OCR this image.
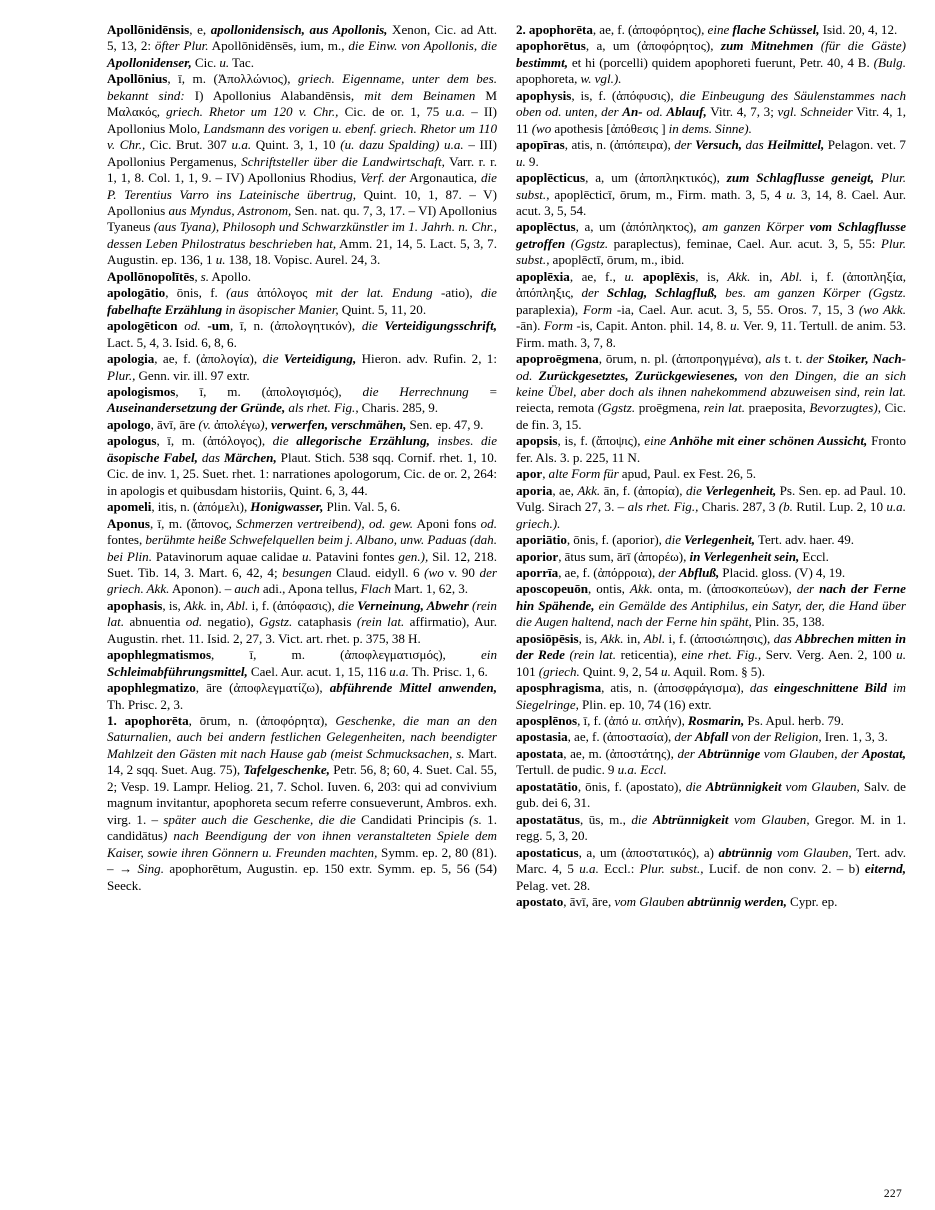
Apollōnidēnsis, e, apollonidensisch, aus Apollonis, Xenon, Cic. ad Att. 5, 13, 2: öfter Plur. Apollōnidēnsēs, ium, m., die Einw. von Apollonis, die Apollonidenser, Cic. u. Tac.

Apollōnius, ī, m. (Ἀπολλώνιος), griech. Eigenname, unter dem bes. bekannt sind: I) Apollonius Alabandēnsis, mit dem Beinamen M Μαλακός, griech. Rhetor um 120 v. Chr., Cic. de or. 1, 75 u.a. – II) Apollonius Molo, Landsmann des vorigen u. ebenf. griech. Rhetor um 110 v. Chr., Cic. Brut. 307 u.a. Quint. 3, 1, 10 (u. dazu Spalding) u.a. – III) Apollonius Pergamenus, Schriftsteller über die Landwirtschaft, Varr. r. r. 1, 1, 8. Col. 1, 1, 9. – IV) Apollonius Rhodius, Verf. der Argonautica, die P. Terentius Varro ins Lateinische übertrug, Quint. 10, 1, 87. – V) Apollonius aus Myndus, Astronom, Sen. nat. qu. 7, 3, 17. – VI) Apollonius Tyaneus (aus Tyana), Philosoph und Schwarzkünstler im 1. Jahrh. n. Chr., dessen Leben Philostratus beschrieben hat, Amm. 21, 14, 5. Lact. 5, 3, 7. Augustin. ep. 136, 1 u. 138, 18. Vopisc. Aurel. 24, 3.

Apollōnopolītēs, s. Apollo.

apologātio, ōnis, f. (aus ἀπόλογος mit der lat. Endung -atio), die fabelhafte Erzählung in äsopischer Manier, Quint. 5, 11, 20.

apologēticon od. -um, ī, n. (ἀπολογητικόν), die Verteidigungsschrift, Lact. 5, 4, 3. Isid. 6, 8, 6.

apologia, ae, f. (ἀπολογία), die Verteidigung, Hieron. adv. Rufin. 2, 1: Plur., Genn. vir. ill. 97 extr.

apologismos, ī, m. (ἀπολογισμός), die Herrechnung = Auseinandersetzung der Gründe, als rhet. Fig., Charis. 285, 9.

apologo, āvī, āre (v. ἀπολέγω), verwerfen, verschmähen, Sen. ep. 47, 9.

apologus, ī, m. (ἀπόλογος), die allegorische Erzählung, insbes. die äsopische Fabel, das Märchen, Plaut. Stich. 538 sqq. Cornif. rhet. 1, 10. Cic. de inv. 1, 25. Suet. rhet. 1: narrationes apologorum, Cic. de or. 2, 264: in apologis et quibusdam historiis, Quint. 6, 3, 44.

apomeli, itis, n. (ἀπόμελι), Honigwasser, Plin. Val. 5, 6.

Aponus, ī, m. (ἄπονος, Schmerzen vertreibend), od. gew. Aponi fons od. fontes, berühmte heiße Schwefelquellen beim j. Albano, unw. Paduas (dah. bei Plin. Patavinorum aquae calidae u. Patavini fontes gen.), Sil. 12, 218. Suet. Tib. 14, 3. Mart. 6, 42, 4; besungen Claud. eidyll. 6 (wo v. 90 der griech. Akk. Aponon). – auch adi., Apona tellus, Flach Mart. 1, 62, 3.

apophasis, is, Akk. in, Abl. i, f. (ἀπόφασις), die Verneinung, Abwehr (rein lat. abnuentia od. negatio), Ggstz. cataphasis (rein lat. affirmatio), Aur. Augustin. rhet. 11. Isid. 2, 27, 3. Vict. art. rhet. p. 375, 38 H.

apophlegmatismos, ī, m. (ἀποφλεγματισμός), ein Schleimabführungsmittel, Cael. Aur. acut. 1, 15, 116 u.a. Th. Prisc. 1, 6.

apophlegmatizo, āre (ἀποφλεγματίζω), abführende Mittel anwenden, Th. Prisc. 2, 3.

1. apophorēta, ōrum, n. (ἀποφόρητα), Geschenke, die man an den Saturnalien, auch bei andern festlichen Gelegenheiten, nach beendigter Mahlzeit den Gästen mit nach Hause gab (meist Schmucksachen, s. Mart. 14, 2 sqq. Suet. Aug. 75), Tafelgeschenke, Petr. 56, 8; 60, 4. Suet. Cal. 55, 2; Vesp. 19. Lampr. Heliog. 21, 7. Schol. Iuven. 6, 203: qui ad convivium magnum invitantur, apophoreta secum referre consueverunt, Ambros. exh. virg. 1. – später auch die Geschenke, die die Candidati Principis (s. 1. candidātus) nach Beendigung der von ihnen veranstalteten Spiele dem Kaiser, sowie ihren Gönnern u. Freunden machten, Symm. ep. 2, 80 (81). – → Sing. apophorētum, Augustin. ep. 150 extr. Symm. ep. 5, 56 (54) Seeck.

2. apophorēta, ae, f. (ἀποφόρητος), eine flache Schüssel, Isid. 20, 4, 12.

apophorētus, a, um (ἀποφόρητος), zum Mitnehmen (für die Gäste) bestimmt, et hi (porcelli) quidem apophoreti fuerunt, Petr. 40, 4 B. (Bulg. apophoreta, w. vgl.).

apophysis, is, f. (ἀπόφυσις), die Einbeugung des Säulenstammes nach oben od. unten, der An- od. Ablauf, Vitr. 4, 7, 3; vgl. Schneider Vitr. 4, 1, 11 (wo apothesis [ἀπόθεσις ] in dems. Sinne).

apopīras, atis, n. (ἀπόπειρα), der Versuch, das Heilmittel, Pelagon. vet. 7 u. 9.

apoplēcticus, a, um (ἀποπληκτικός), zum Schlagflusse geneigt, Plur. subst., apoplēcticī, ōrum, m., Firm. math. 3, 5, 4 u. 3, 14, 8. Cael. Aur. acut. 3, 5, 54.

apoplēctus, a, um (ἀπόπληκτος), am ganzen Körper vom Schlagflusse getroffen (Ggstz. paraplectus), feminae, Cael. Aur. acut. 3, 5, 55: Plur. subst., apoplēctī, ōrum, m., ibid.

apoplēxia, ae, f., u. apoplēxis, is, Akk. in, Abl. i, f. (ἀποπληξία, ἀπόπληξις, der Schlag, Schlagfluß, bes. am ganzen Körper (Ggstz. paraplexia), Form -ia, Cael. Aur. acut. 3, 5, 55. Oros. 7, 15, 3 (wo Akk. -ān). Form -is, Capit. Anton. phil. 14, 8. u. Ver. 9, 11. Tertull. de anim. 53. Firm. math. 3, 7, 8.

apoproēgmena, ōrum, n. pl. (ἀποπροηγμένα), als t. t. der Stoiker, Nach- od. Zurückgesetztes, Zurückgewiesenes, von den Dingen, die an sich keine Übel, aber doch als ihnen nahekommend abzuweisen sind, rein lat. reiecta, remota (Ggstz. proēgmena, rein lat. praeposita, Bevorzugtes), Cic. de fin. 3, 15.

apopsis, is, f. (ἄποψις), eine Anhöhe mit einer schönen Aussicht, Fronto fer. Als. 3. p. 225, 11 N.

apor, alte Form für apud, Paul. ex Fest. 26, 5.

aporia, ae, Akk. ān, f. (ἀπορία), die Verlegenheit, Ps. Sen. ep. ad Paul. 10. Vulg. Sirach 27, 3. – als rhet. Fig., Charis. 287, 3 (b. Rutil. Lup. 2, 10 u.a. griech.).

aporiātio, ōnis, f. (aporior), die Verlegenheit, Tert. adv. haer. 49.

aporior, ātus sum, ārī (ἀπορέω), in Verlegenheit sein, Eccl.

aporrīa, ae, f. (ἀπόρροια), der Abfluß, Placid. gloss. (V) 4, 19.

aposcopeuōn, ontis, Akk. onta, m. (ἀποσκοπεύων), der nach der Ferne hin Spähende, ein Gemälde des Antiphilus, ein Satyr, der, die Hand über die Augen haltend, nach der Ferne hin späht, Plin. 35, 138.

aposiōpēsis, is, Akk. in, Abl. i, f. (ἀποσιώπησις), das Abbrechen mitten in der Rede (rein lat. reticentia), eine rhet. Fig., Serv. Verg. Aen. 2, 100 u. 101 (griech. Quint. 9, 2, 54 u. Aquil. Rom. § 5).

aposphragisma, atis, n. (ἀποσφράγισμα), das eingeschnittene Bild im Siegelringe, Plin. ep. 10, 74 (16) extr.

aposplēnos, ī, f. (ἀπό u. σπλήν), Rosmarin, Ps. Apul. herb. 79.

apostasia, ae, f. (ἀποστασία), der Abfall von der Religion, Iren. 1, 3, 3.

apostata, ae, m. (ἀποστάτης), der Abtrünnige vom Glauben, der Apostat, Tertull. de pudic. 9 u.a. Eccl.

apostatātio, ōnis, f. (apostato), die Abtrünnigkeit vom Glauben, Salv. de gub. dei 6, 31.

apostatātus, ūs, m., die Abtrünnigkeit vom Glauben, Gregor. M. in 1. regg. 5, 3, 20.

apostaticus, a, um (ἀποστατικός), a) abtrünnig vom Glauben, Tert. adv. Marc. 4, 5 u.a. Eccl.: Plur. subst., Lucif. de non conv. 2. – b) eiternd, Pelag. vet. 28.

apostato, āvī, āre, vom Glauben abtrünnig werden, Cypr. ep.

227
